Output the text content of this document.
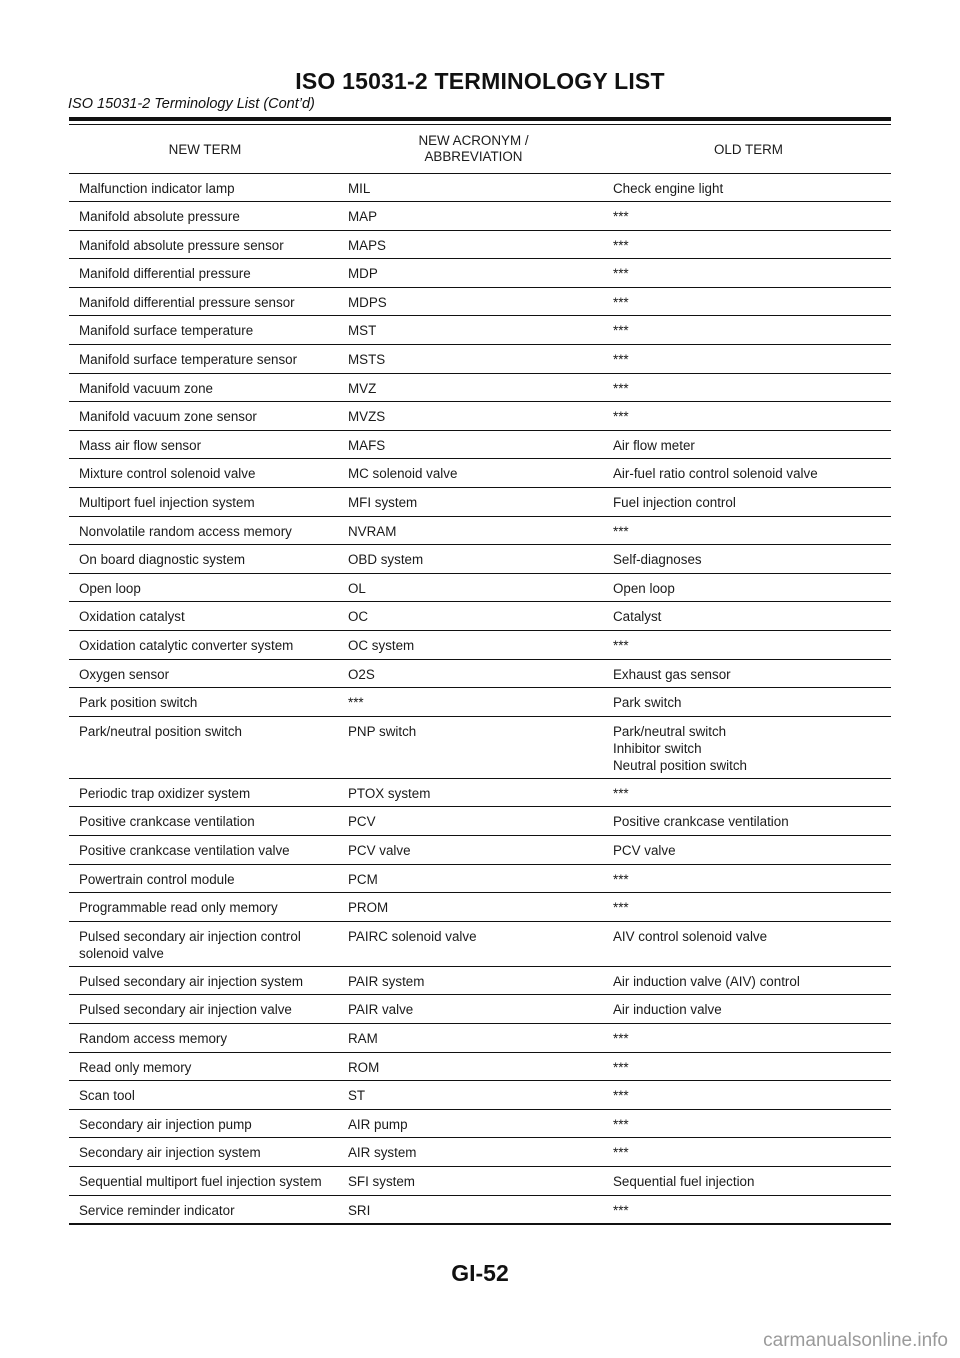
ISO 15031-2 TERMINOLOGY LIST
ISO 15031-2 Terminology List (Cont’d)
NEW TERM	NEW ACRONYM /
ABBREVIATION	OLD TERM
Malfunction indicator lamp	MIL	Check engine light
Manifold absolute pressure	MAP	***
Manifold absolute pressure sensor	MAPS	***
Manifold differential pressure	MDP	***
Manifold differential pressure sensor	MDPS	***
Manifold surface temperature	MST	***
Manifold surface temperature sensor	MSTS	***
Manifold vacuum zone	MVZ	***
Manifold vacuum zone sensor	MVZS	***
Mass air flow sensor	MAFS	Air flow meter
Mixture control solenoid valve	MC solenoid valve	Air-fuel ratio control solenoid valve
Multiport fuel injection system	MFI system	Fuel injection control
Nonvolatile random access memory	NVRAM	***
On board diagnostic system	OBD system	Self-diagnoses
Open loop	OL	Open loop
Oxidation catalyst	OC	Catalyst
Oxidation catalytic converter system	OC system	***
Oxygen sensor	O2S	Exhaust gas sensor
Park position switch	***	Park switch
Park/neutral position switch	PNP switch	Park/neutral switch
Inhibitor switch
Neutral position switch
Periodic trap oxidizer system	PTOX system	***
Positive crankcase ventilation	PCV	Positive crankcase ventilation
Positive crankcase ventilation valve	PCV valve	PCV valve
Powertrain control module	PCM	***
Programmable read only memory	PROM	***
Pulsed secondary air injection control
solenoid valve	PAIRC solenoid valve	AIV control solenoid valve
Pulsed secondary air injection system	PAIR system	Air induction valve (AIV) control
Pulsed secondary air injection valve	PAIR valve	Air induction valve
Random access memory	RAM	***
Read only memory	ROM	***
Scan tool	ST	***
Secondary air injection pump	AIR pump	***
Secondary air injection system	AIR system	***
Sequential multiport fuel injection system	SFI system	Sequential fuel injection
Service reminder indicator	SRI	***
GI-52
carmanualsonline.info
